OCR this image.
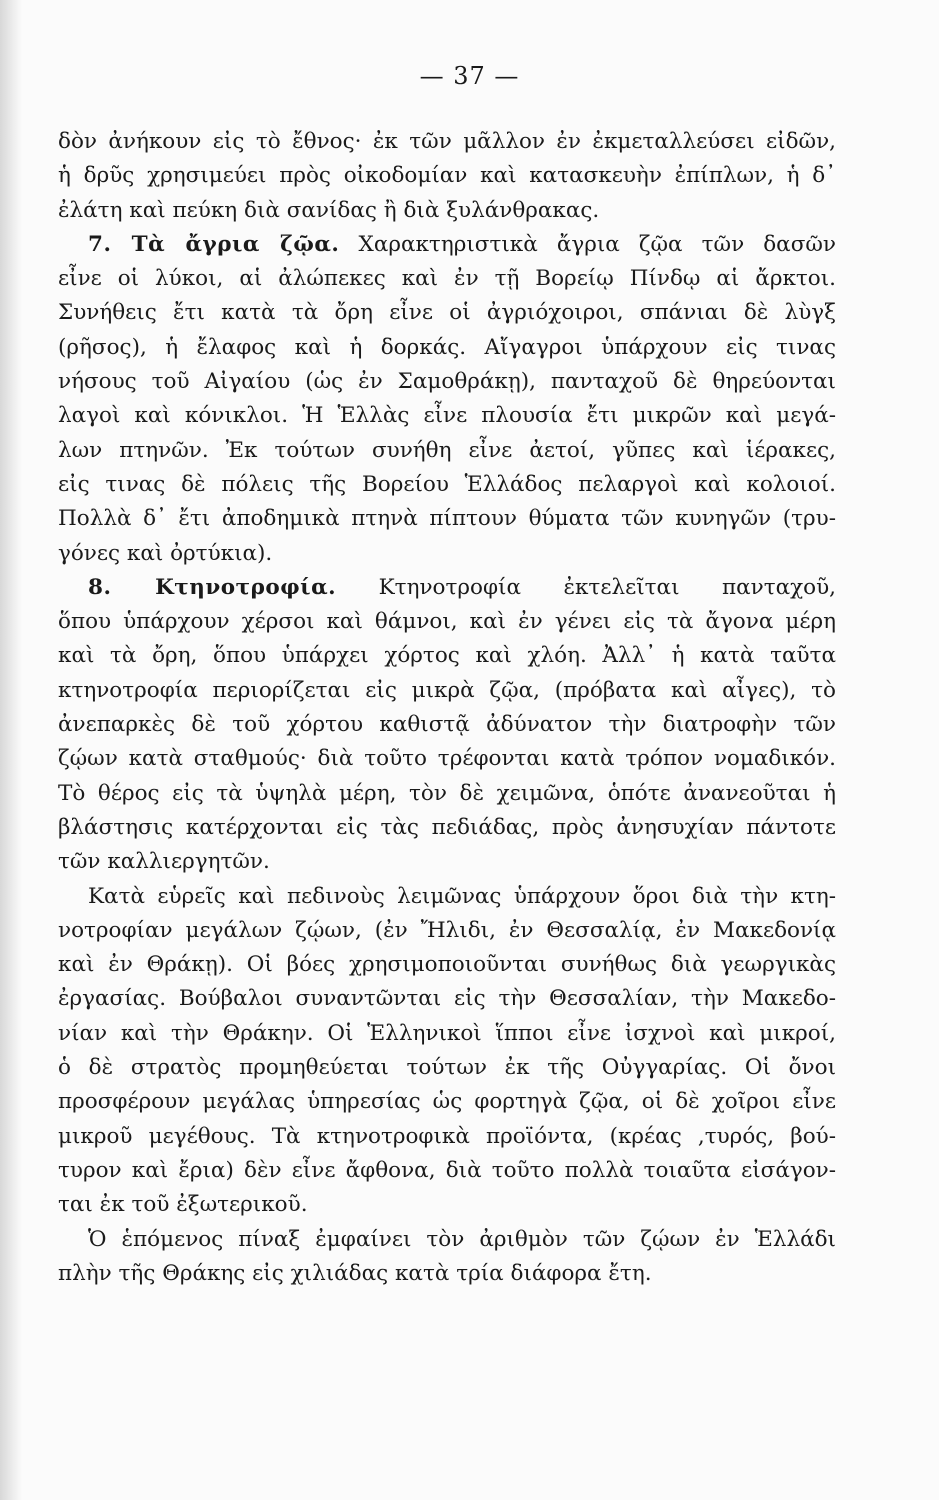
— 37 —
δὸν ἀνήκουν εἰς τὸ ἔθνος· ἐκ τῶν μᾶλλον ἐν ἐκμεταλλεύσει εἰδῶν,
ἡ δρῦς χρησιμεύει πρὸς οἰκοδομίαν καὶ κατασκευὴν ἐπίπλων, ἡ δ᾽
ἐλάτη καὶ πεύκη διὰ σανίδας ἢ διὰ ξυλάνθρακας.
7. Τὰ ἄγρια ζῷα. Χαρακτηριστικὰ ἄγρια ζῷα τῶν δασῶν
εἶνε οἱ λύκοι, αἱ ἀλώπεκες καὶ ἐν τῇ Βορείῳ Πίνδῳ αἱ ἄρκτοι.
Συνήθεις ἔτι κατὰ τὰ ὄρη εἶνε οἱ ἀγριόχοιροι, σπάνιαι δὲ λὺγξ
(ρῆσος), ἡ ἔλαφος καὶ ἡ δορκάς. Αἴγαγροι ὑπάρχουν εἰς τινας
νήσους τοῦ Αἰγαίου (ὡς ἐν Σαμοθράκῃ), πανταχοῦ δὲ θηρεύονται
λαγοὶ καὶ κόνικλοι. Ἡ Ἑλλὰς εἶνε πλουσία ἔτι μικρῶν καὶ μεγά-
λων πτηνῶν. Ἐκ τούτων συνήθη εἶνε ἀετοί, γῦπες καὶ ἱέρακες,
εἰς τινας δὲ πόλεις τῆς Βορείου Ἑλλάδος πελαργοὶ καὶ κολοιοί.
Πολλὰ δ᾽ ἔτι ἀποδημικὰ πτηνὰ πίπτουν θύματα τῶν κυνηγῶν (τρυ-
γόνες καὶ ὀρτύκια).
8. Κτηνοτροφία. Κτηνοτροφία ἐκτελεῖται πανταχοῦ,
ὅπου ὑπάρχουν χέρσοι καὶ θάμνοι, καὶ ἐν γένει εἰς τὰ ἄγονα μέρη
καὶ τὰ ὄρη, ὅπου ὑπάρχει χόρτος καὶ χλόη. Ἀλλ᾽ ἡ κατὰ ταῦτα
κτηνοτροφία περιορίζεται εἰς μικρὰ ζῷα, (πρόβατα καὶ αἶγες), τὸ
ἀνεπαρκὲς δὲ τοῦ χόρτου καθιστᾷ ἀδύνατον τὴν διατροφὴν τῶν
ζῴων κατὰ σταθμούς· διὰ τοῦτο τρέφονται κατὰ τρόπον νομαδικόν.
Τὸ θέρος εἰς τὰ ὑψηλὰ μέρη, τὸν δὲ χειμῶνα, ὁπότε ἀνανεοῦται ἡ
βλάστησις κατέρχονται εἰς τὰς πεδιάδας, πρὸς ἀνησυχίαν πάντοτε
τῶν καλλιεργητῶν.
Κατὰ εὑρεῖς καὶ πεδινοὺς λειμῶνας ὑπάρχουν ὅροι διὰ τὴν κτη-
νοτροφίαν μεγάλων ζῴων, (ἐν Ἤλιδι, ἐν Θεσσαλίᾳ, ἐν Μακεδονίᾳ
καὶ ἐν Θράκῃ). Οἱ βόες χρησιμοποιοῦνται συνήθως διὰ γεωργικὰς
ἐργασίας. Βούβαλοι συναντῶνται εἰς τὴν Θεσσαλίαν, τὴν Μακεδο-
νίαν καὶ τὴν Θράκην. Οἱ Ἑλληνικοὶ ἵπποι εἶνε ἰσχνοὶ καὶ μικροί,
ὁ δὲ στρατὸς προμηθεύεται τούτων ἐκ τῆς Οὐγγαρίας. Οἱ ὄνοι
προσφέρουν μεγάλας ὑπηρεσίας ὡς φορτηγὰ ζῷα, οἱ δὲ χοῖροι εἶνε
μικροῦ μεγέθους. Τὰ κτηνοτροφικὰ προϊόντα, (κρέας ,τυρός, βού-
τυρον καὶ ἔρια) δὲν εἶνε ἄφθονα, διὰ τοῦτο πολλὰ τοιαῦτα εἰσάγον-
ται ἐκ τοῦ ἐξωτερικοῦ.
Ὁ ἑπόμενος πίναξ ἐμφαίνει τὸν ἀριθμὸν τῶν ζῴων ἐν Ἑλλάδι
πλὴν τῆς Θράκης εἰς χιλιάδας κατὰ τρία διάφορα ἔτη.
